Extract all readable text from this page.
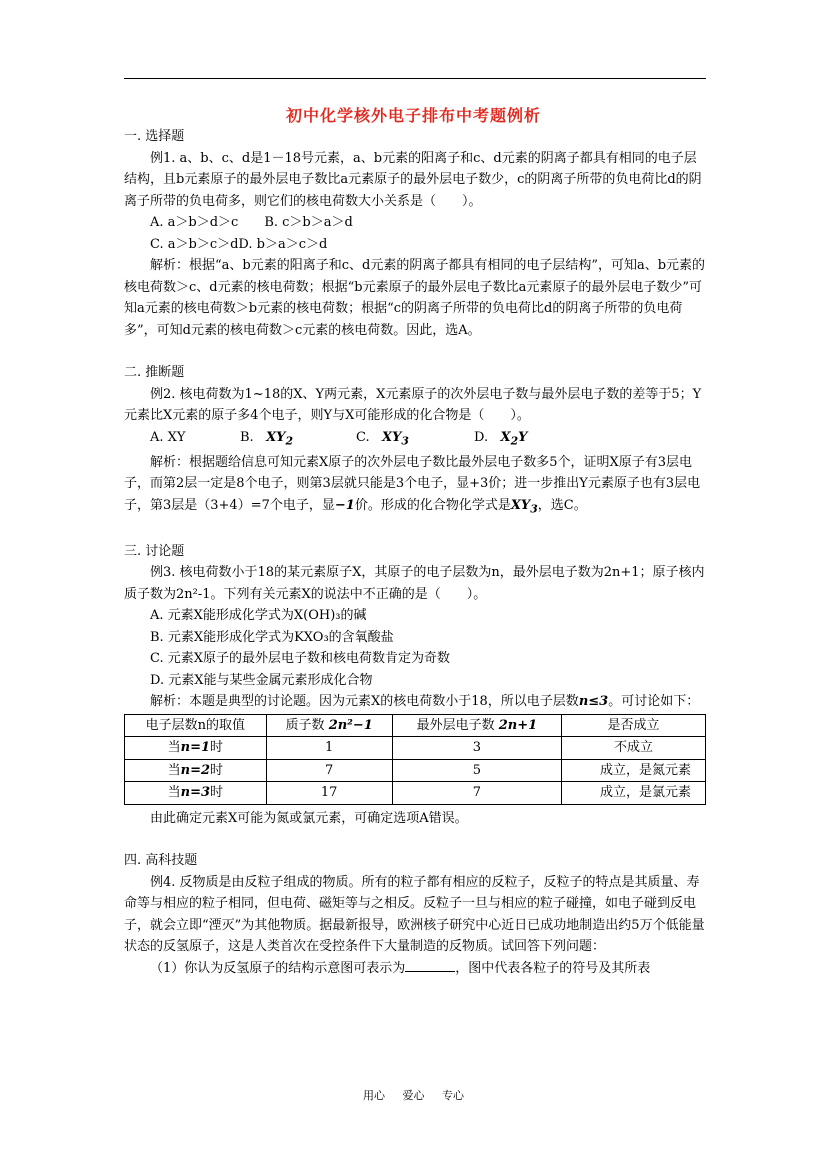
初中化学核外电子排布中考题例析

一. 选择题

例1. a、b、c、d是1－18号元素，a、b元素的阳离子和c、d元素的阴离子都具有相同的电子层结构，且b元素原子的最外层电子数比a元素原子的最外层电子数少，c的阴离子所带的负电荷比d的阴离子所带的负电荷多，则它们的核电荷数大小关系是（　　）。

A. a＞b＞d＞c　　B. c＞b＞a＞d

C. a＞b＞c＞dD. b＞a＞c＞d

解析：根据“a、b元素的阳离子和c、d元素的阴离子都具有相同的电子层结构”，可知a、b元素的核电荷数＞c、d元素的核电荷数；根据“b元素原子的最外层电子数比a元素原子的最外层电子数少”可知a元素的核电荷数＞b元素的核电荷数；根据“c的阴离子所带的负电荷比d的阴离子所带的负电荷多”，可知d元素的核电荷数＞c元素的核电荷数。因此，选A。

二. 推断题

例2. 核电荷数为1~18的X、Y两元素，X元素原子的次外层电子数与最外层电子数的差等于5；Y元素比X元素的原子多4个电子，则Y与X可能形成的化合物是（　　）。

A. XY	B. $XY_2$	C. $XY_3$	D. $X_2Y$

解析：根据题给信息可知元素X原子的次外层电子数比最外层电子数多5个，证明X原子有3层电子，而第2层一定是8个电子，则第3层就只能是3个电子，显+3价；进一步推出Y元素原子也有3层电子，第3层是（3+4）=7个电子，显−1价。形成的化合物化学式是$XY_3$，选C。

三. 讨论题

例3. 核电荷数小于18的某元素原子X，其原子的电子层数为n，最外层电子数为2n+1；原子核内质子数为2n²-1。下列有关元素X的说法中不正确的是（　　）。

A. 元素X能形成化学式为X(OH)₃的碱

B. 元素X能形成化学式为KXO₃的含氧酸盐

C. 元素X原子的最外层电子数和核电荷数肯定为奇数

D. 元素X能与某些金属元素形成化合物

解析：本题是典型的讨论题。因为元素X的核电荷数小于18，所以电子层数n≤3。可讨论如下：

电子层数n的取值	质子数 2n²−1	最外层电子数 2n+1	是否成立
当n=1时	1	3	不成立
当n=2时	7	5	成立，是氮元素
当n=3时	17	7	成立，是氯元素

由此确定元素X可能为氮或氯元素，可确定选项A错误。

四. 高科技题

例4. 反物质是由反粒子组成的物质。所有的粒子都有相应的反粒子，反粒子的特点是其质量、寿命等与相应的粒子相同，但电荷、磁矩等与之相反。反粒子一旦与相应的粒子碰撞，如电子碰到反电子，就会立即“湮灭”为其他物质。据最新报导，欧洲核子研究中心近日已成功地制造出约5万个低能量状态的反氢原子，这是人类首次在受控条件下大量制造的反物质。试回答下列问题：

（1）你认为反氢原子的结构示意图可表示为	，图中代表各粒子的符号及其所表

用心 爱心 专心
